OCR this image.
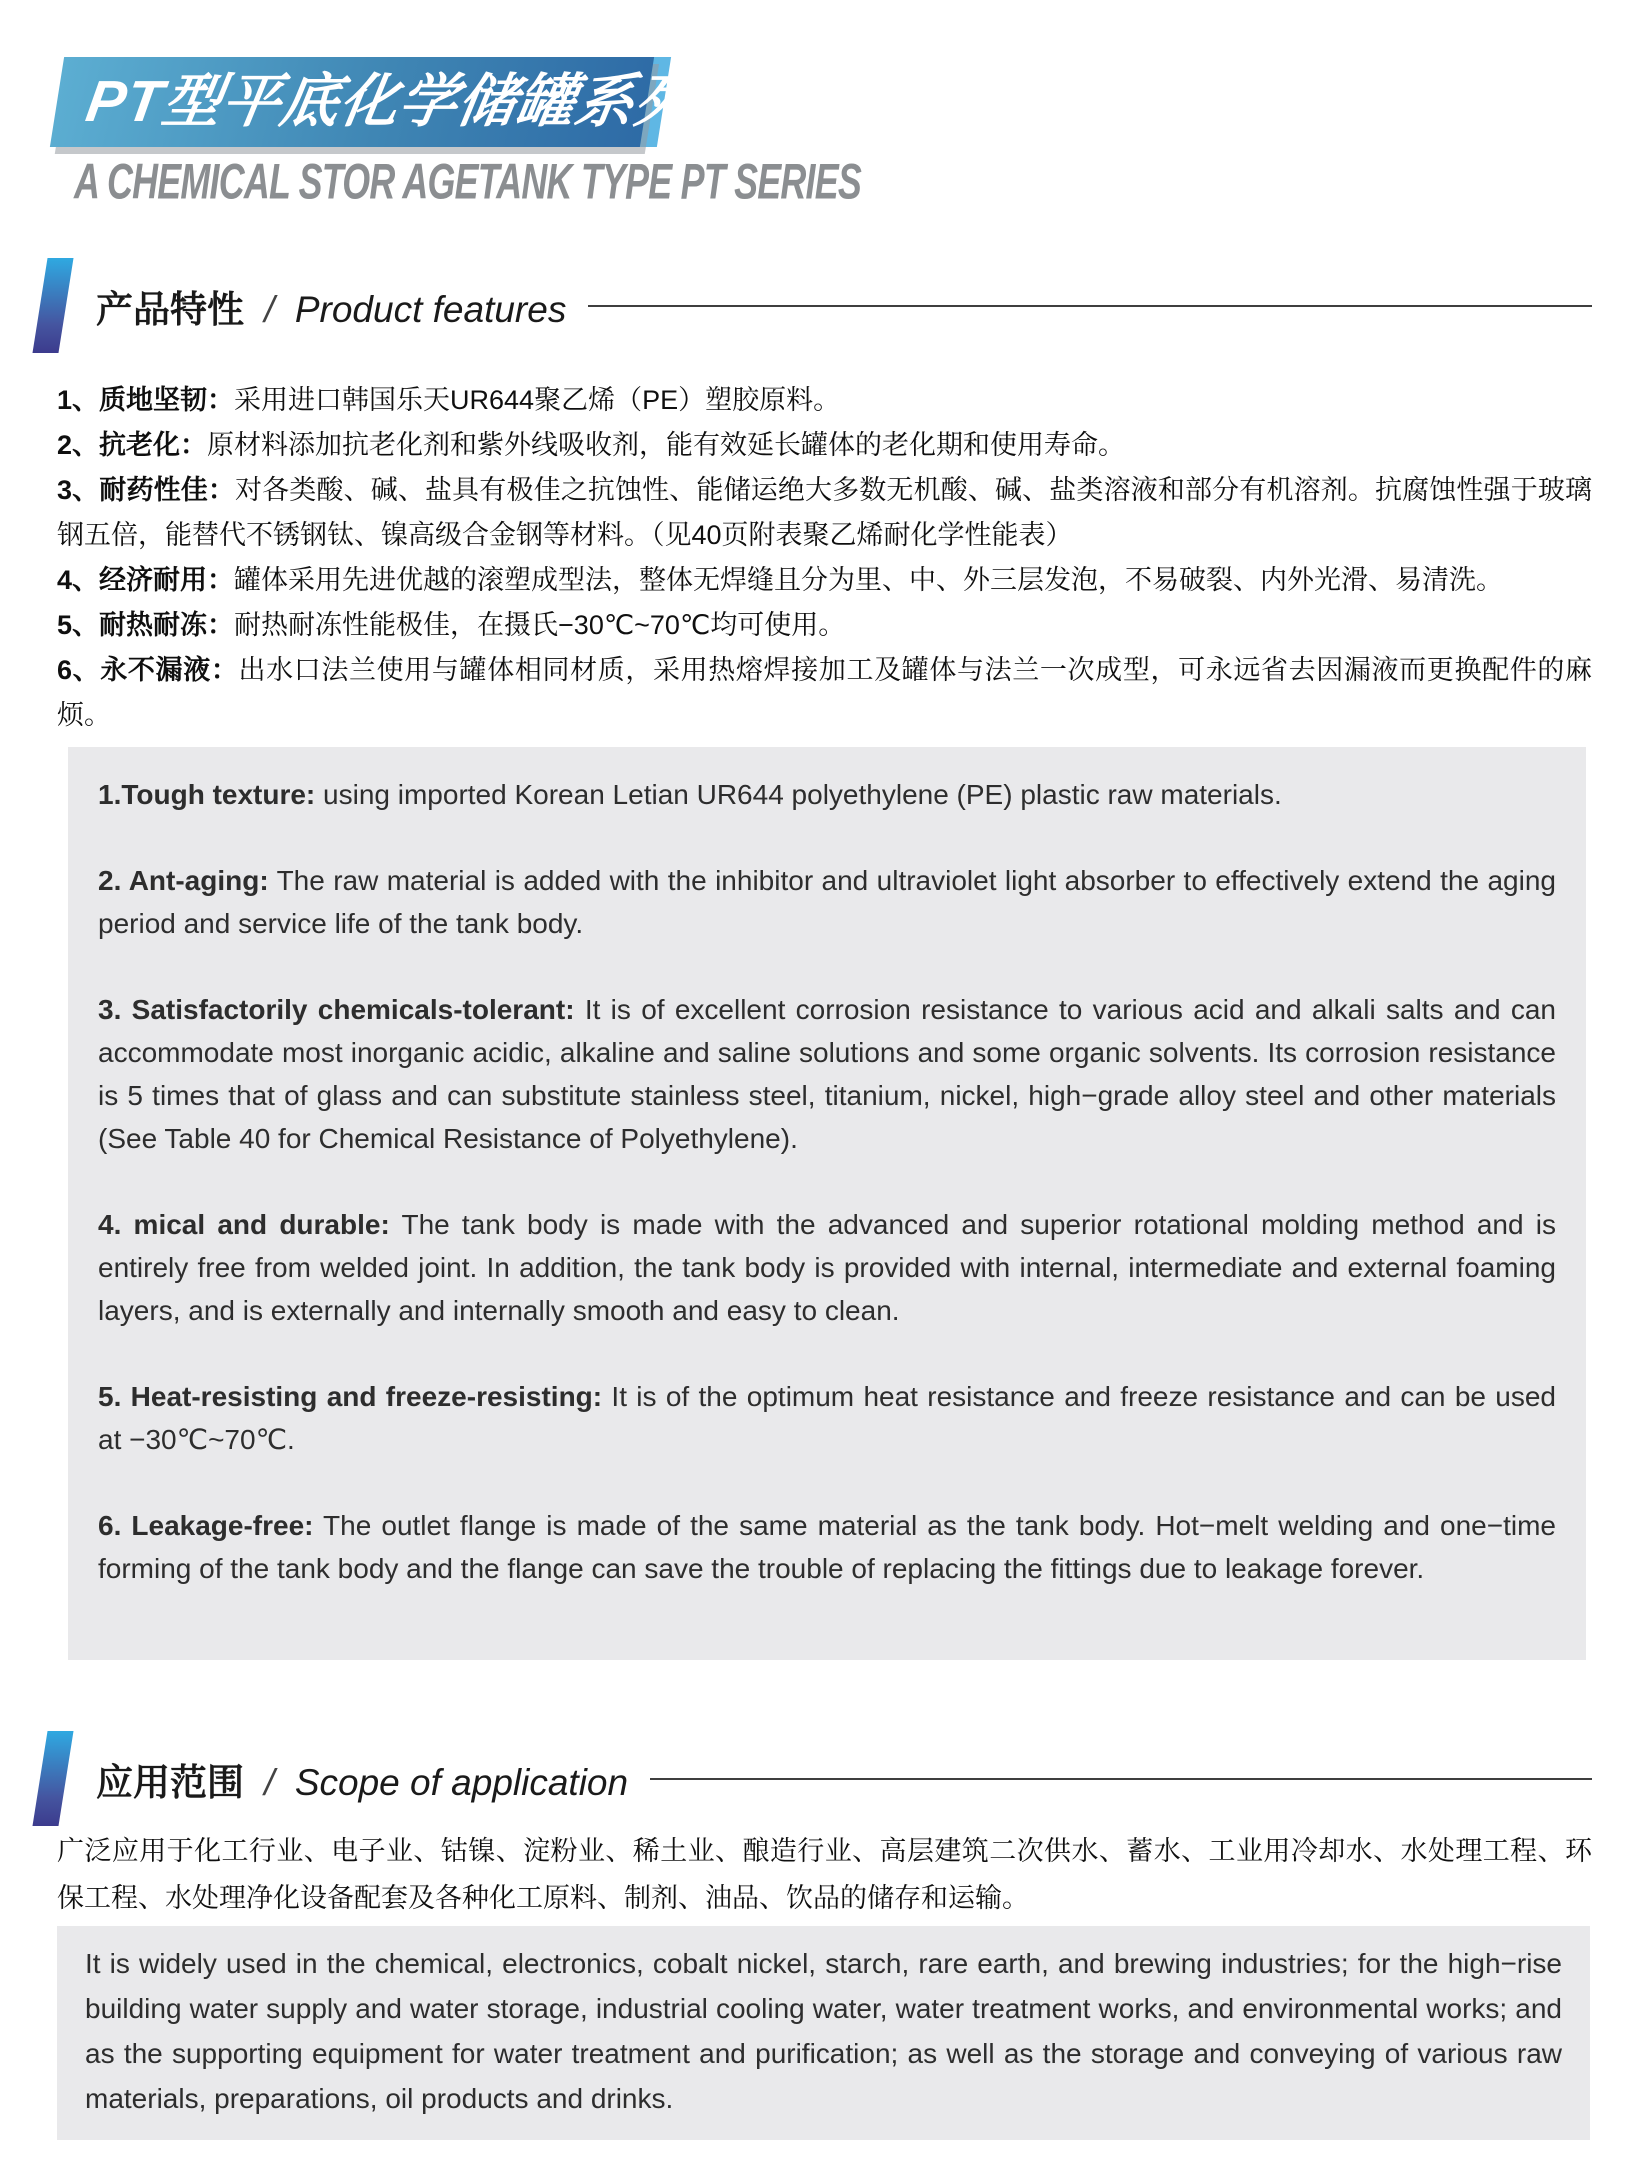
PT型平底化学储罐系列
A CHEMICAL STOR AGETANK TYPE PT SERIES
产品特性 / Product features

1、质地坚韧：采用进口韩国乐天UR644聚乙烯（PE）塑胶原料。

2、抗老化：原材料添加抗老化剂和紫外线吸收剂，能有效延长罐体的老化期和使用寿命。

3、耐药性佳：对各类酸、碱、盐具有极佳之抗蚀性、能储运绝大多数无机酸、碱、盐类溶液和部分有机溶剂。抗腐蚀性强于玻璃钢五倍，能替代不锈钢钛、镍高级合金钢等材料。（见40页附表聚乙烯耐化学性能表）

4、经济耐用：罐体采用先进优越的滚塑成型法，整体无焊缝且分为里、中、外三层发泡，不易破裂、内外光滑、易清洗。

5、耐热耐冻：耐热耐冻性能极佳，在摄氏−30℃~70℃均可使用。

6、永不漏液：出水口法兰使用与罐体相同材质，采用热熔焊接加工及罐体与法兰一次成型，可永远省去因漏液而更换配件的麻烦。

1.Tough texture: using imported Korean Letian UR644 polyethylene (PE) plastic raw materials.

2. Ant-aging: The raw material is added with the inhibitor and ultraviolet light absorber to effectively extend the aging period and service life of the tank body.

3. Satisfactorily chemicals-tolerant: It is of excellent corrosion resistance to various acid and alkali salts and can accommodate most inorganic acidic, alkaline and saline solutions and some organic solvents. Its corrosion resistance is 5 times that of glass and can substitute stainless steel, titanium, nickel, high−grade alloy steel and other materials (See Table 40 for Chemical Resistance of Polyethylene).

4. mical and durable: The tank body is made with the advanced and superior rotational molding method and is entirely free from welded joint. In addition, the tank body is provided with internal, intermediate and external foaming layers, and is externally and internally smooth and easy to clean.

5. Heat-resisting and freeze-resisting: It is of the optimum heat resistance and freeze resistance and can be used at −30℃~70℃.

6. Leakage-free: The outlet flange is made of the same material as the tank body. Hot−melt welding and one−time forming of the tank body and the flange can save the trouble of replacing the fittings due to leakage forever.

应用范围 / Scope of application
广泛应用于化工行业、电子业、钴镍、淀粉业、稀土业、酿造行业、高层建筑二次供水、蓄水、工业用冷却水、水处理工程、环保工程、水处理净化设备配套及各种化工原料、制剂、油品、饮品的储存和运输。

It is widely used in the chemical, electronics, cobalt nickel, starch, rare earth, and brewing industries; for the high−rise building water supply and water storage, industrial cooling water, water treatment works, and environmental works; and as the supporting equipment for water treatment and purification; as well as the storage and conveying of various raw materials, preparations, oil products and drinks.
